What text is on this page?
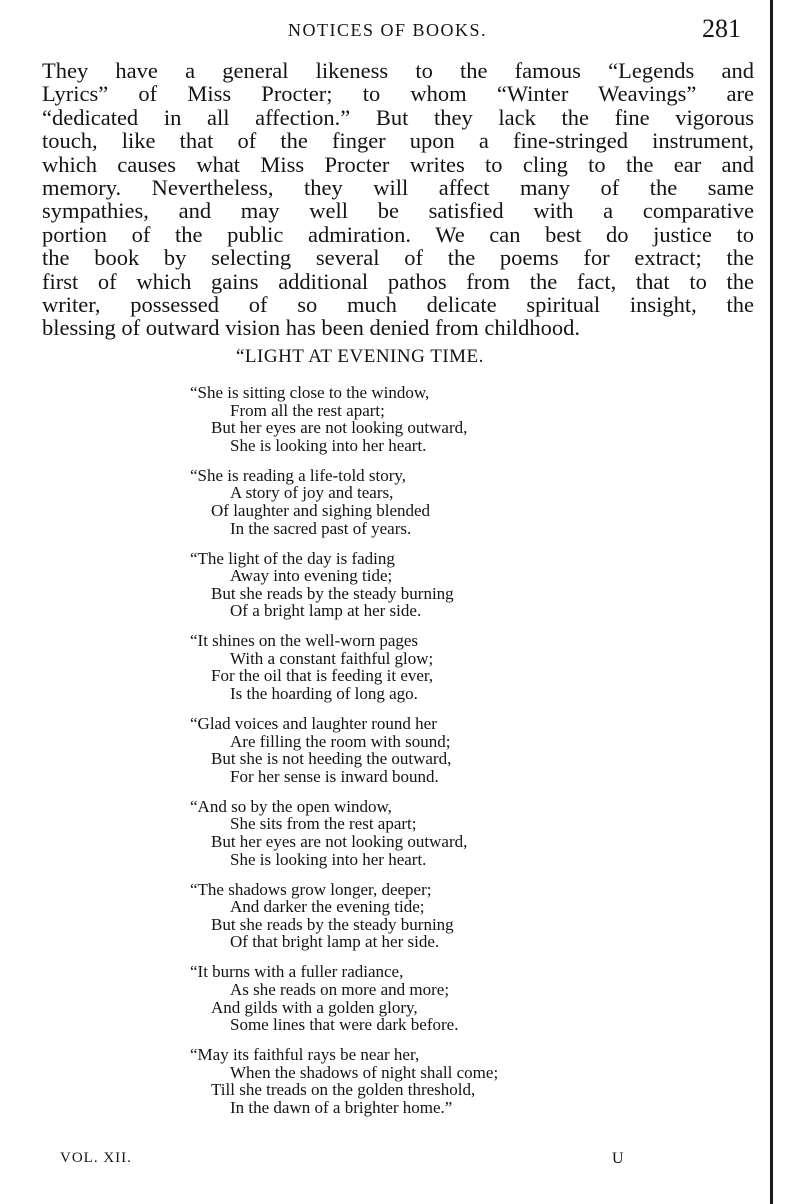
NOTICES OF BOOKS.	281
They have a general likeness to the famous “Legends and
Lyrics” of Miss Procter; to whom “Winter Weavings” are
“dedicated in all affection.” But they lack the fine vigorous
touch, like that of the finger upon a fine-stringed instrument,
which causes what Miss Procter writes to cling to the ear and
memory. Nevertheless, they will affect many of the same
sympathies, and may well be satisfied with a comparative
portion of the public admiration. We can best do justice to
the book by selecting several of the poems for extract; the
first of which gains additional pathos from the fact, that to the
writer, possessed of so much delicate spiritual insight, the
blessing of outward vision has been denied from childhood.
“LIGHT AT EVENING TIME.
“She is sitting close to the window,
From all the rest apart;
But her eyes are not looking outward,
She is looking into her heart.
“She is reading a life-told story,
A story of joy and tears,
Of laughter and sighing blended
In the sacred past of years.
“The light of the day is fading
Away into evening tide;
But she reads by the steady burning
Of a bright lamp at her side.
“It shines on the well-worn pages
With a constant faithful glow;
For the oil that is feeding it ever,
Is the hoarding of long ago.
“Glad voices and laughter round her
Are filling the room with sound;
But she is not heeding the outward,
For her sense is inward bound.
“And so by the open window,
She sits from the rest apart;
But her eyes are not looking outward,
She is looking into her heart.
“The shadows grow longer, deeper;
And darker the evening tide;
But she reads by the steady burning
Of that bright lamp at her side.
“It burns with a fuller radiance,
As she reads on more and more;
And gilds with a golden glory,
Some lines that were dark before.
“May its faithful rays be near her,
When the shadows of night shall come;
Till she treads on the golden threshold,
In the dawn of a brighter home.”
VOL. XII.	U
